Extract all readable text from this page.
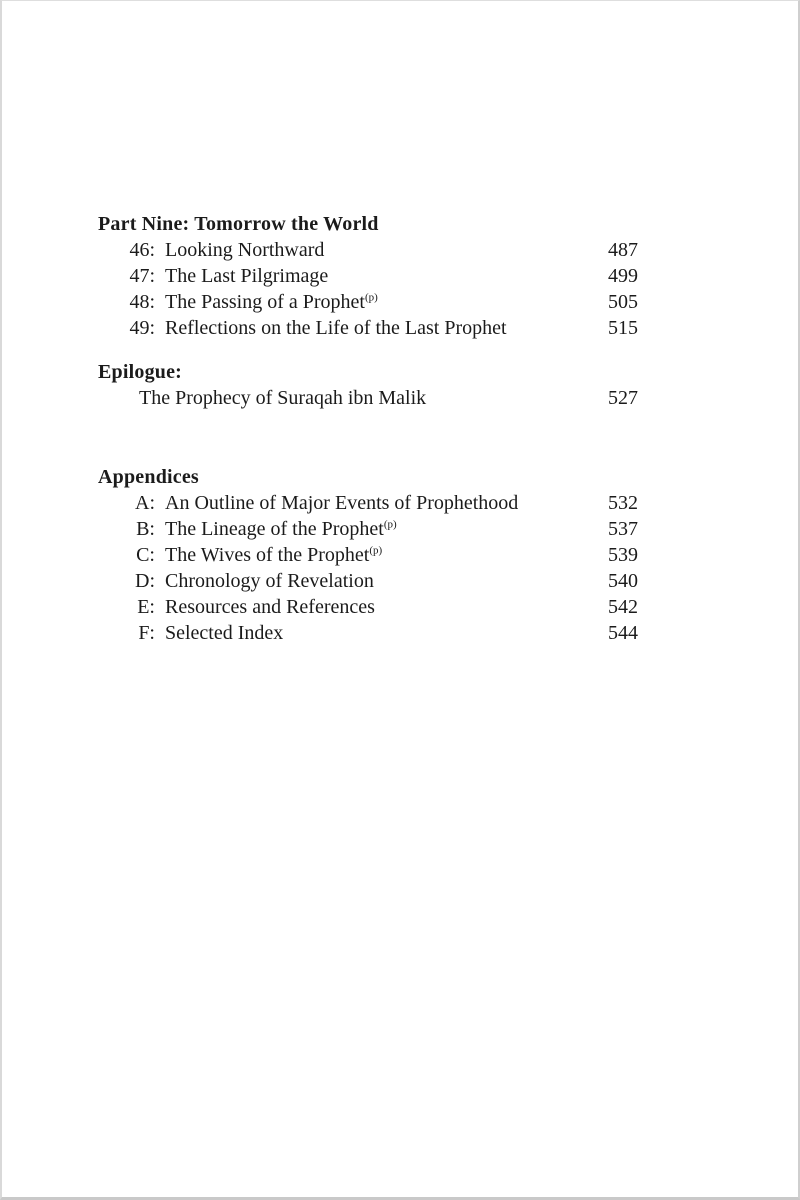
Part Nine: Tomorrow the World
46: Looking Northward	487
47: The Last Pilgrimage	499
48: The Passing of a Prophet$^{(p)}$	505
49: Reflections on the Life of the Last Prophet	515
Epilogue:
The Prophecy of Suraqah ibn Malik	527
Appendices
A: An Outline of Major Events of Prophethood	532
B: The Lineage of the Prophet$^{(p)}$	537
C: The Wives of the Prophet$^{(p)}$	539
D: Chronology of Revelation	540
E: Resources and References	542
F: Selected Index	544
